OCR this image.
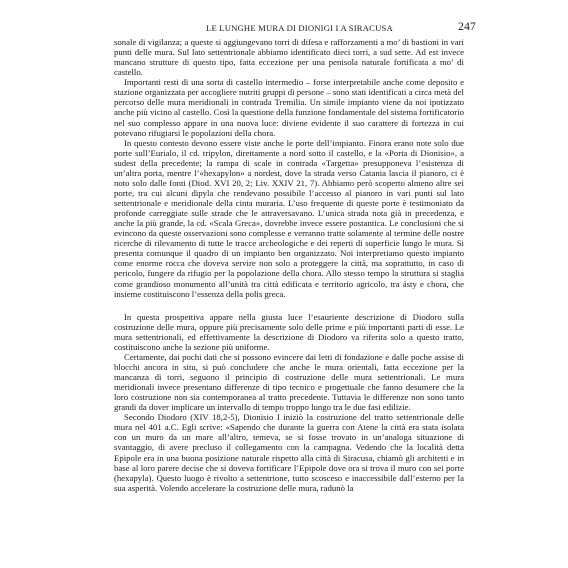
LE LUNGHE MURA DI DIONIGI I A SIRACUSA	247

sonale di vigilanza; a queste si aggiungevano torri di difesa e rafforzamenti a mo’ di bastioni in vari punti delle mura. Sul lato settentrionale abbiamo identificato dieci torri, a sud sette. Ad est invece mancano strutture di questo tipo, fatta eccezione per una penisola naturale fortificata a mo’ di castello.

Importanti resti di una sorta di castello intermedio – forse interpretabile anche come deposito e stazione organizzata per accogliere nutriti gruppi di persone – sono stati identificati a circa metà del percorso delle mura meridionali in contrada Tremilia. Un simile impianto viene da noi ipotizzato anche più vicino al castello. Così la questione della funzione fondamentale del sistema fortificatorio nel suo complesso appare in una nuova luce: diviene evidente il suo carattere di fortezza in cui potevano rifugiarsi le popolazioni della chora.

In questo contesto devono essere viste anche le porte dell’impianto. Finora erano note solo due porte sull’Eurialo, il cd. tripylon, direttamente a nord sotto il castello, e la «Porta di Dionisio», a sudest della precedente; la rampa di scale in contrada «Targetta» presupponeva l’esistenza di un’altra porta, mentre l’«hexapylon» a nordest, dove la strada verso Catania lascia il pianoro, ci è noto solo dalle fonti (Diod. XVI 20, 2; Liv. XXIV 21, 7). Abbiamo però scoperto almeno altre sei porte, tra cui alcuni dipyla che rendevano possibile l’accesso al pianoro in vari punti sul lato settentrionale e meridionale della cinta muraria. L’uso frequente di queste porte è testimoniato da profonde carreggiate sulle strade che le attraversavano. L’unica strada nota già in precedenza, e anche la più grande, la cd. «Scala Greca», dovrebbe invece essere postantica. Le conclusioni che si evincono da queste osservazioni sono complesse e verranno tratte solamente al termine delle nostre ricerche di rilevamento di tutte le tracce archeologiche e dei reperti di superficie lungo le mura. Si presenta comunque il quadro di un impianto ben organizzato. Noi interpretiamo questo impianto come enorme rocca che doveva servire non solo a proteggere la città, ma soprattutto, in caso di pericolo, fungere da rifugio per la popolazione della chora. Allo stesso tempo la struttura si staglia come grandioso monumento all’unità tra città edificata e territorio agricolo, tra ásty e chora, che insieme costituiscono l’essenza della polis greca.

In questa prospettiva appare nella giusta luce l’esauriente descrizione di Diodoro sulla costruzione delle mura, oppure più precisamente solo delle prime e più importanti parti di esse. Le mura settentrionali, ed effettivamente la descrizione di Diodoro va riferita solo a questo tratto, costituiscono anche la sezione più uniforme.

Certamente, dai pochi dati che si possono evincere dai letti di fondazione e dalle poche assise di blocchi ancora in situ, si può concludere che anche le mura orientali, fatta eccezione per la mancanza di torri, seguono il principio di costruzione delle mura settentrionali. Le mura meridionali invece presentano differenze di tipo tecnico e progettuale che fanno desumere che la loro costruzione non sia contemporanea al tratto precedente. Tuttavia le differenze non sono tanto grandi da dover implicare un intervallo di tempo troppo lungo tra le due fasi edilizie.

Secondo Diodoro (XIV 18,2-5), Dionisio I iniziò la costruzione del tratto settentrionale delle mura nel 401 a.C. Egli scrive: «Sapendo che durante la guerra con Atene la città era stata isolata con un muro da un mare all’altro, temeva, se si fosse trovato in un’analoga situazione di svantaggio, di avere precluso il collegamento con la campagna. Vedendo che la località detta Epipole era in una buona posizione naturale rispetto alla città di Siracusa, chiamò gli architetti e in base al loro parere decise che si doveva fortificare l’Epipole dove ora si trova il muro con sei porte (hexapyla). Questo luogo è rivolto a settentrione, tutto scosceso e inaccessibile dall’esterno per la sua asperità. Volendo accelerare la costruzione delle mura, radunò la
